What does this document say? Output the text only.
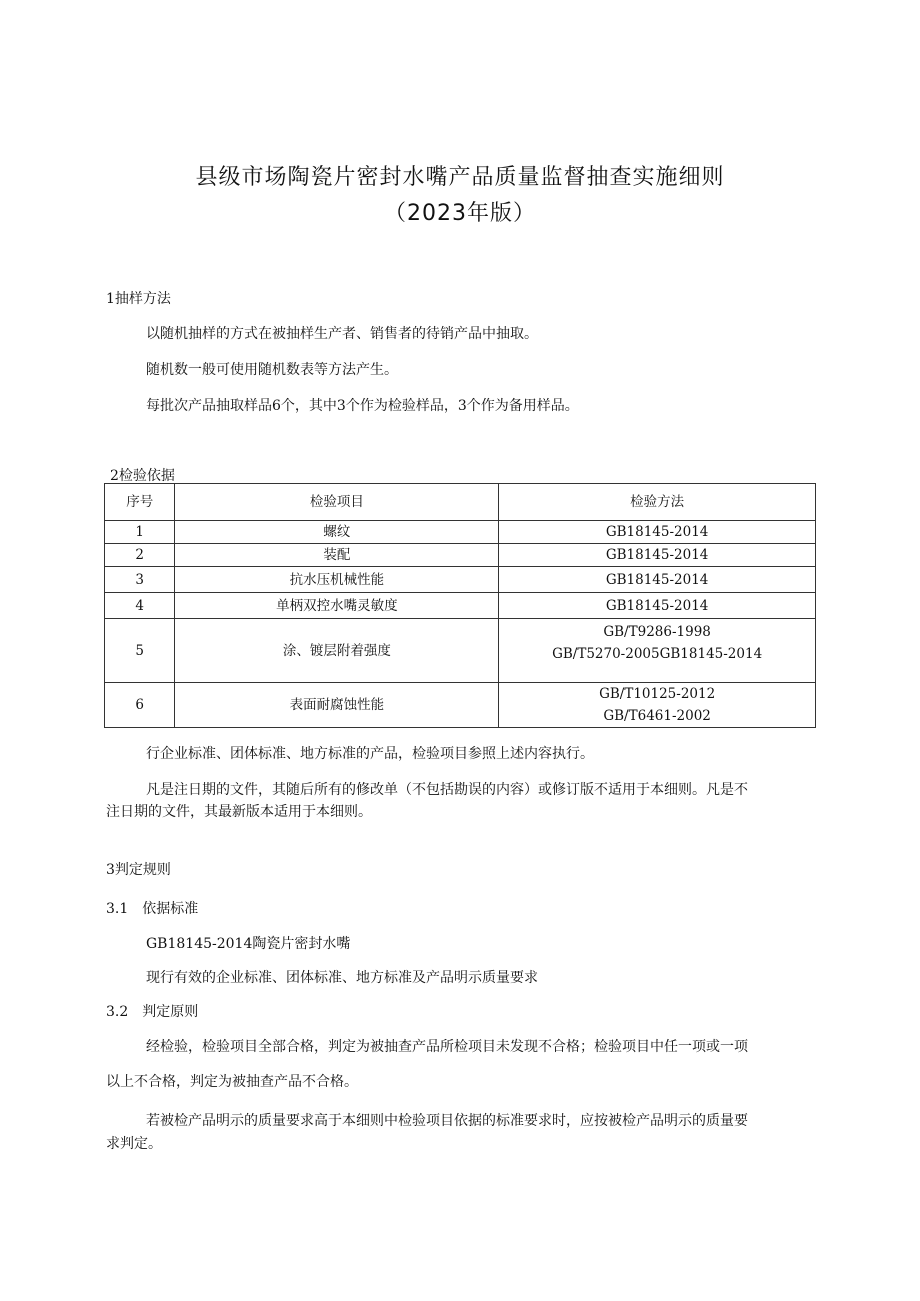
县级市场陶瓷片密封水嘴产品质量监督抽查实施细则
（2023年版）
1抽样方法
以随机抽样的方式在被抽样生产者、销售者的待销产品中抽取。
随机数一般可使用随机数表等方法产生。
每批次产品抽取样品6个，其中3个作为检验样品，3个作为备用样品。
2检验依据
序号	检验项目	检验方法
1	螺纹	GB18145-2014
2	装配	GB18145-2014
3	抗水压机械性能	GB18145-2014
4	单柄双控水嘴灵敏度	GB18145-2014
5	涂、镀层附着强度	GB/T9286-1998
GB/T5270-2005GB18145-2014

6	表面耐腐蚀性能	GB/T10125-2012
GB/T6461-2002
行企业标准、团体标准、地方标准的产品，检验项目参照上述内容执行。
凡是注日期的文件，其随后所有的修改单（不包括勘误的内容）或修订版不适用于本细则。凡是不
注日期的文件，其最新版本适用于本细则。
3判定规则
3.1　依据标准
GB18145-2014陶瓷片密封水嘴
现行有效的企业标准、团体标准、地方标准及产品明示质量要求
3.2　判定原则
经检验，检验项目全部合格，判定为被抽查产品所检项目未发现不合格；检验项目中任一项或一项
以上不合格，判定为被抽查产品不合格。
若被检产品明示的质量要求高于本细则中检验项目依据的标准要求时，应按被检产品明示的质量要
求判定。
